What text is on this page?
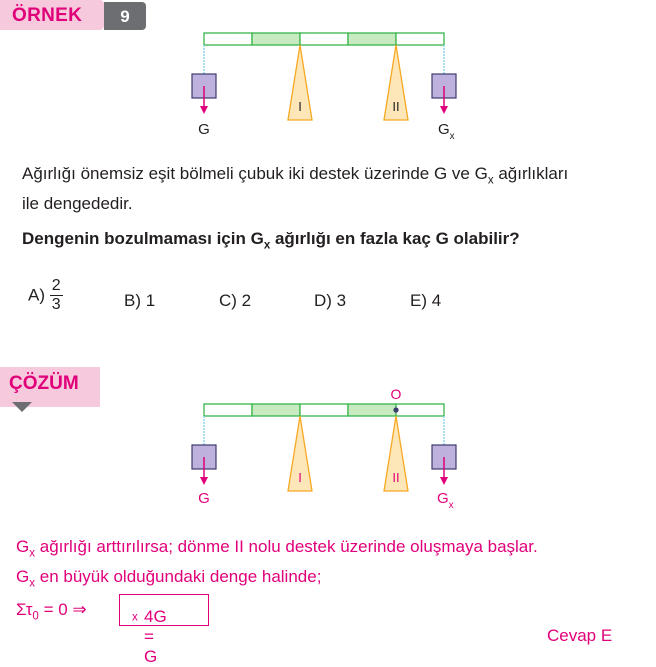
ÖRNEK	9
I	II
G	$G_x$
Ağırlığı önemsiz eşit bölmeli çubuk iki destek üzerinde G ve $G_x$ ağırlıkları
ile dengededir.
Dengenin bozulmaması için $G_x$ ağırlığı en fazla kaç G olabilir?
$A) \frac{2}{3}$	B) 1	C) 2	D) 3	E) 4
ÇÖZÜM	O
I	II
G	$G_x$
$G_x$ ağırlığı arttırılırsa; dönme II nolu destek üzerinde oluşmaya başlar.
$G_x$ en büyük olduğundaki denge halinde;
$\Sigma\tau_0 = 0$ ⇒	4G = G
$_x$
Cevap E
